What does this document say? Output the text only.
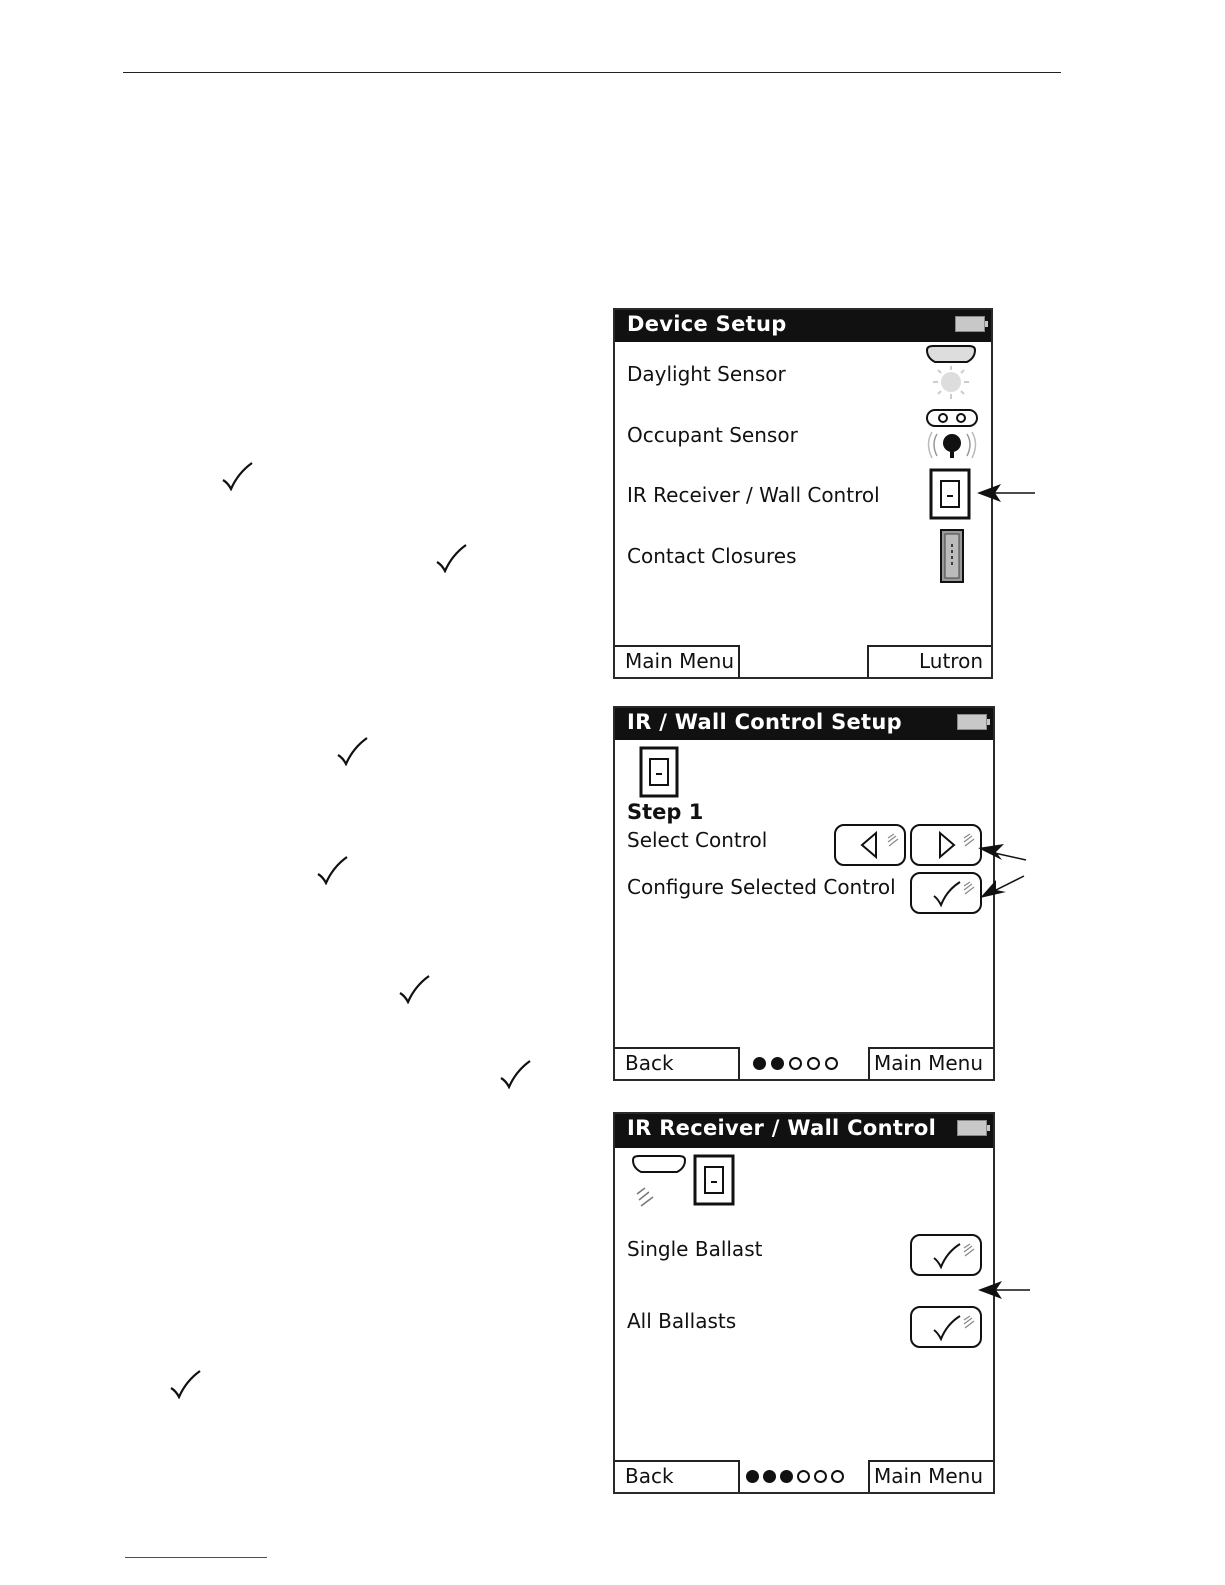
Device Setup
Daylight Sensor
Occupant Sensor
IR Receiver / Wall Control
Contact Closures
Main Menu	Lutron
IR / Wall Control Setup
Step 1
Select Control
Configure Selected Control
Back	Main Menu
IR Receiver / Wall Control
Single Ballast
All Ballasts
Back	Main Menu
